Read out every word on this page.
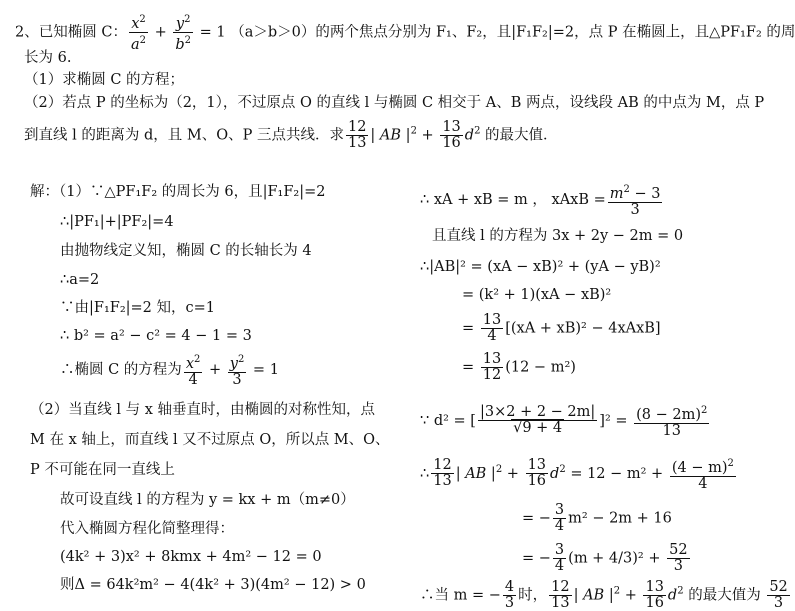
2、已知椭圆 C： $\frac{x^2}{a^2} + \frac{y^2}{b^2} = 1$ （a＞b＞0）的两个焦点分别为 F₁、F₂，且|F₁F₂|=2，点 P 在椭圆上，且△PF₁F₂ 的周
长为 6.
（1）求椭圆 C 的方程；
（2）若点 P 的坐标为（2，1），不过原点 O 的直线 l 与椭圆 C 相交于 A、B 两点，设线段 AB 的中点为 M，点 P
到直线 l 的距离为 d，且 M、O、P 三点共线．求 $\frac{12}{13}$ | AB $|^2 + \frac{13}{16} d^2$ 的最大值．
解：（1）∵△PF₁F₂ 的周长为 6，且|F₁F₂|=2
∴|PF₁|+|PF₂|=4
由抛物线定义知，椭圆 C 的长轴长为 4
∴a=2
∵由|F₁F₂|=2 知，c=1
∴ b² = a² − c² = 4 − 1 = 3
∴椭圆 C 的方程为 $\frac{x^2}{4} + \frac{y^2}{3} = 1$
（2）当直线 l 与 x 轴垂直时，由椭圆的对称性知，点
M 在 x 轴上，而直线 l 又不过原点 O，所以点 M、O、
P 不可能在同一直线上
故可设直线 l 的方程为 y = kx + m（m≠0）
代入椭圆方程化简整理得：
(4k² + 3)x² + 8kmx + 4m² − 12 = 0
则Δ = 64k²m² − 4(4k² + 3)(4m² − 12) > 0
∴ xA + xB = m ， xAxB = $\frac{m^2 - 3}{3}$
且直线 l 的方程为 3x + 2y − 2m = 0
∴|AB|² = (xA − xB)² + (yA − yB)²
= (k² + 1)(xA − xB)²
= $\frac{13}{4} [(xA + xB)^2$ − 4xAxB]
= $\frac{13}{12} (12 - m^2)$
∵ d² = [ $\frac{|3\times 2 + 2 - 2m|}{√9 + 4} ]^2 = \frac{(8 - 2m)^2}{13}$
∴ $\frac{12}{13}$ | AB $|^2 + \frac{13}{16} d^2 = 12 - m^2 + \frac{(4 - m)^2}{4}$
= − $\frac{3}{4} m^2 - 2m + 16$
= − $\frac{3}{4} (m + 4/3)^2 + \frac{52}{3}$
∴当 m = − $\frac{4}{3}$ 时， $\frac{12}{13}$ | AB $|^2 + \frac{13}{16} d^2$ 的最大值为 $\frac{52}{3}$
